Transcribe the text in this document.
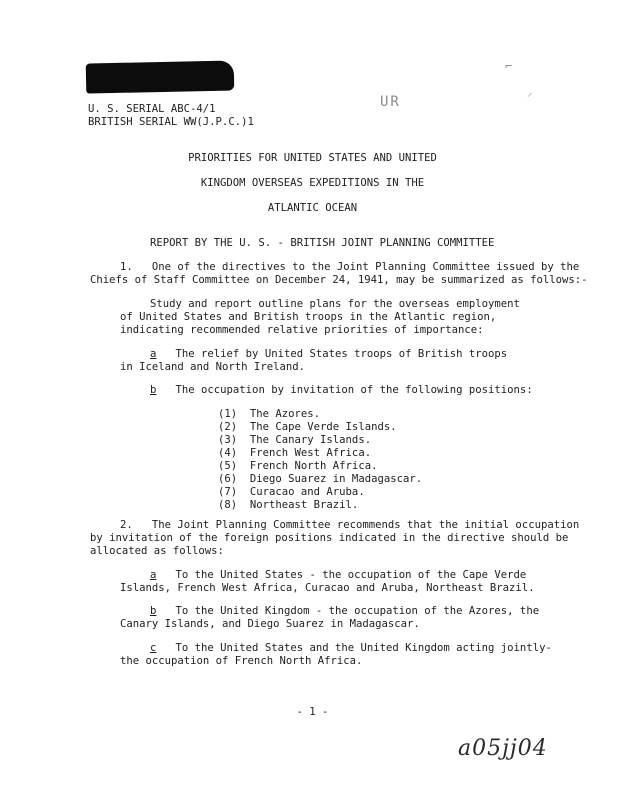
U. S. SERIAL ABC-4/1
BRITISH SERIAL WW(J.P.C.)1
UR
⌐
⸝
PRIORITIES FOR UNITED STATES AND UNITED
KINGDOM OVERSEAS EXPEDITIONS IN THE
ATLANTIC OCEAN
REPORT BY THE U. S. - BRITISH JOINT PLANNING COMMITTEE
1.   One of the directives to the Joint Planning Committee issued by the
Chiefs of Staff Committee on December 24, 1941, may be summarized as follows:-
Study and report outline plans for the overseas employment
of United States and British troops in the Atlantic region,
indicating recommended relative priorities of importance:
a   The relief by United States troops of British troops
in Iceland and North Ireland.
b   The occupation by invitation of the following positions:
(1)  The Azores.
(2)  The Cape Verde Islands.
(3)  The Canary Islands.
(4)  French West Africa.
(5)  French North Africa.
(6)  Diego Suarez in Madagascar.
(7)  Curacao and Aruba.
(8)  Northeast Brazil.
2.   The Joint Planning Committee recommends that the initial occupation
by invitation of the foreign positions indicated in the directive should be
allocated as follows:
a   To the United States - the occupation of the Cape Verde
Islands, French West Africa, Curacao and Aruba, Northeast Brazil.
b   To the United Kingdom - the occupation of the Azores, the
Canary Islands, and Diego Suarez in Madagascar.
c   To the United States and the United Kingdom acting jointly-
the occupation of French North Africa.
- 1 -
a05jj04
